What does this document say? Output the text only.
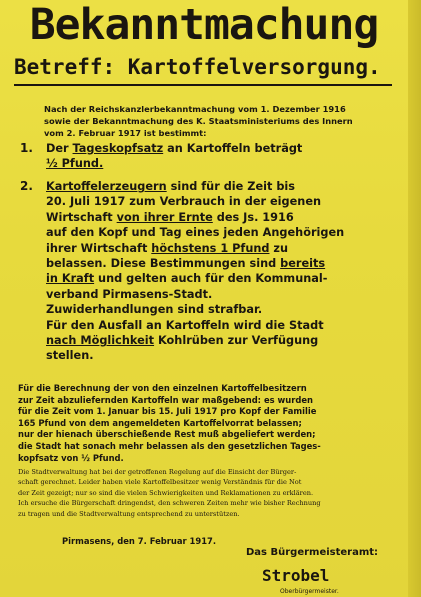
Bekanntmachung
Betreff: Kartoffelversorgung.
Nach der Reichskanzlerbekanntmachung vom 1. Dezember 1916
sowie der Bekanntmachung des K. Staatsministeriums des Innern
vom 2. Februar 1917 ist bestimmt:
1. Der Tageskopfsatz an Kartoffeln beträgt
½ Pfund.
2. Kartoffelerzeugern sind für die Zeit bis
20. Juli 1917 zum Verbrauch in der eigenen
Wirtschaft von ihrer Ernte des Js. 1916
auf den Kopf und Tag eines jeden Angehörigen
ihrer Wirtschaft höchstens 1 Pfund zu
belassen. Diese Bestimmungen sind bereits
in Kraft und gelten auch für den Kommunal-
verband Pirmasens-Stadt.
Zuwiderhandlungen sind strafbar.
Für den Ausfall an Kartoffeln wird die Stadt
nach Möglichkeit Kohlrüben zur Verfügung
stellen.
Für die Berechnung der von den einzelnen Kartoffelbesitzern
zur Zeit abzuliefernden Kartoffeln war maßgebend: es wurden
für die Zeit vom 1. Januar bis 15. Juli 1917 pro Kopf der Familie
165 Pfund von dem angemeldeten Kartoffelvorrat belassen;
nur der hienach überschießende Rest muß abgeliefert werden;
die Stadt hat sonach mehr belassen als den gesetzlichen Tages-
kopfsatz von ½ Pfund.
Die Stadtverwaltung hat bei der getroffenen Regelung auf die Einsicht der Bürger-
schaft gerechnet. Leider haben viele Kartoffelbesitzer wenig Verständnis für die Not
der Zeit gezeigt; nur so sind die vielen Schwierigkeiten und Reklamationen zu erklären.
Ich ersuche die Bürgerschaft dringendst, den schweren Zeiten mehr wie bisher Rechnung
zu tragen und die Stadtverwaltung entsprechend zu unterstützen.
Pirmasens, den 7. Februar 1917.
Das Bürgermeisteramt:
Strobel
Oberbürgermeister.
